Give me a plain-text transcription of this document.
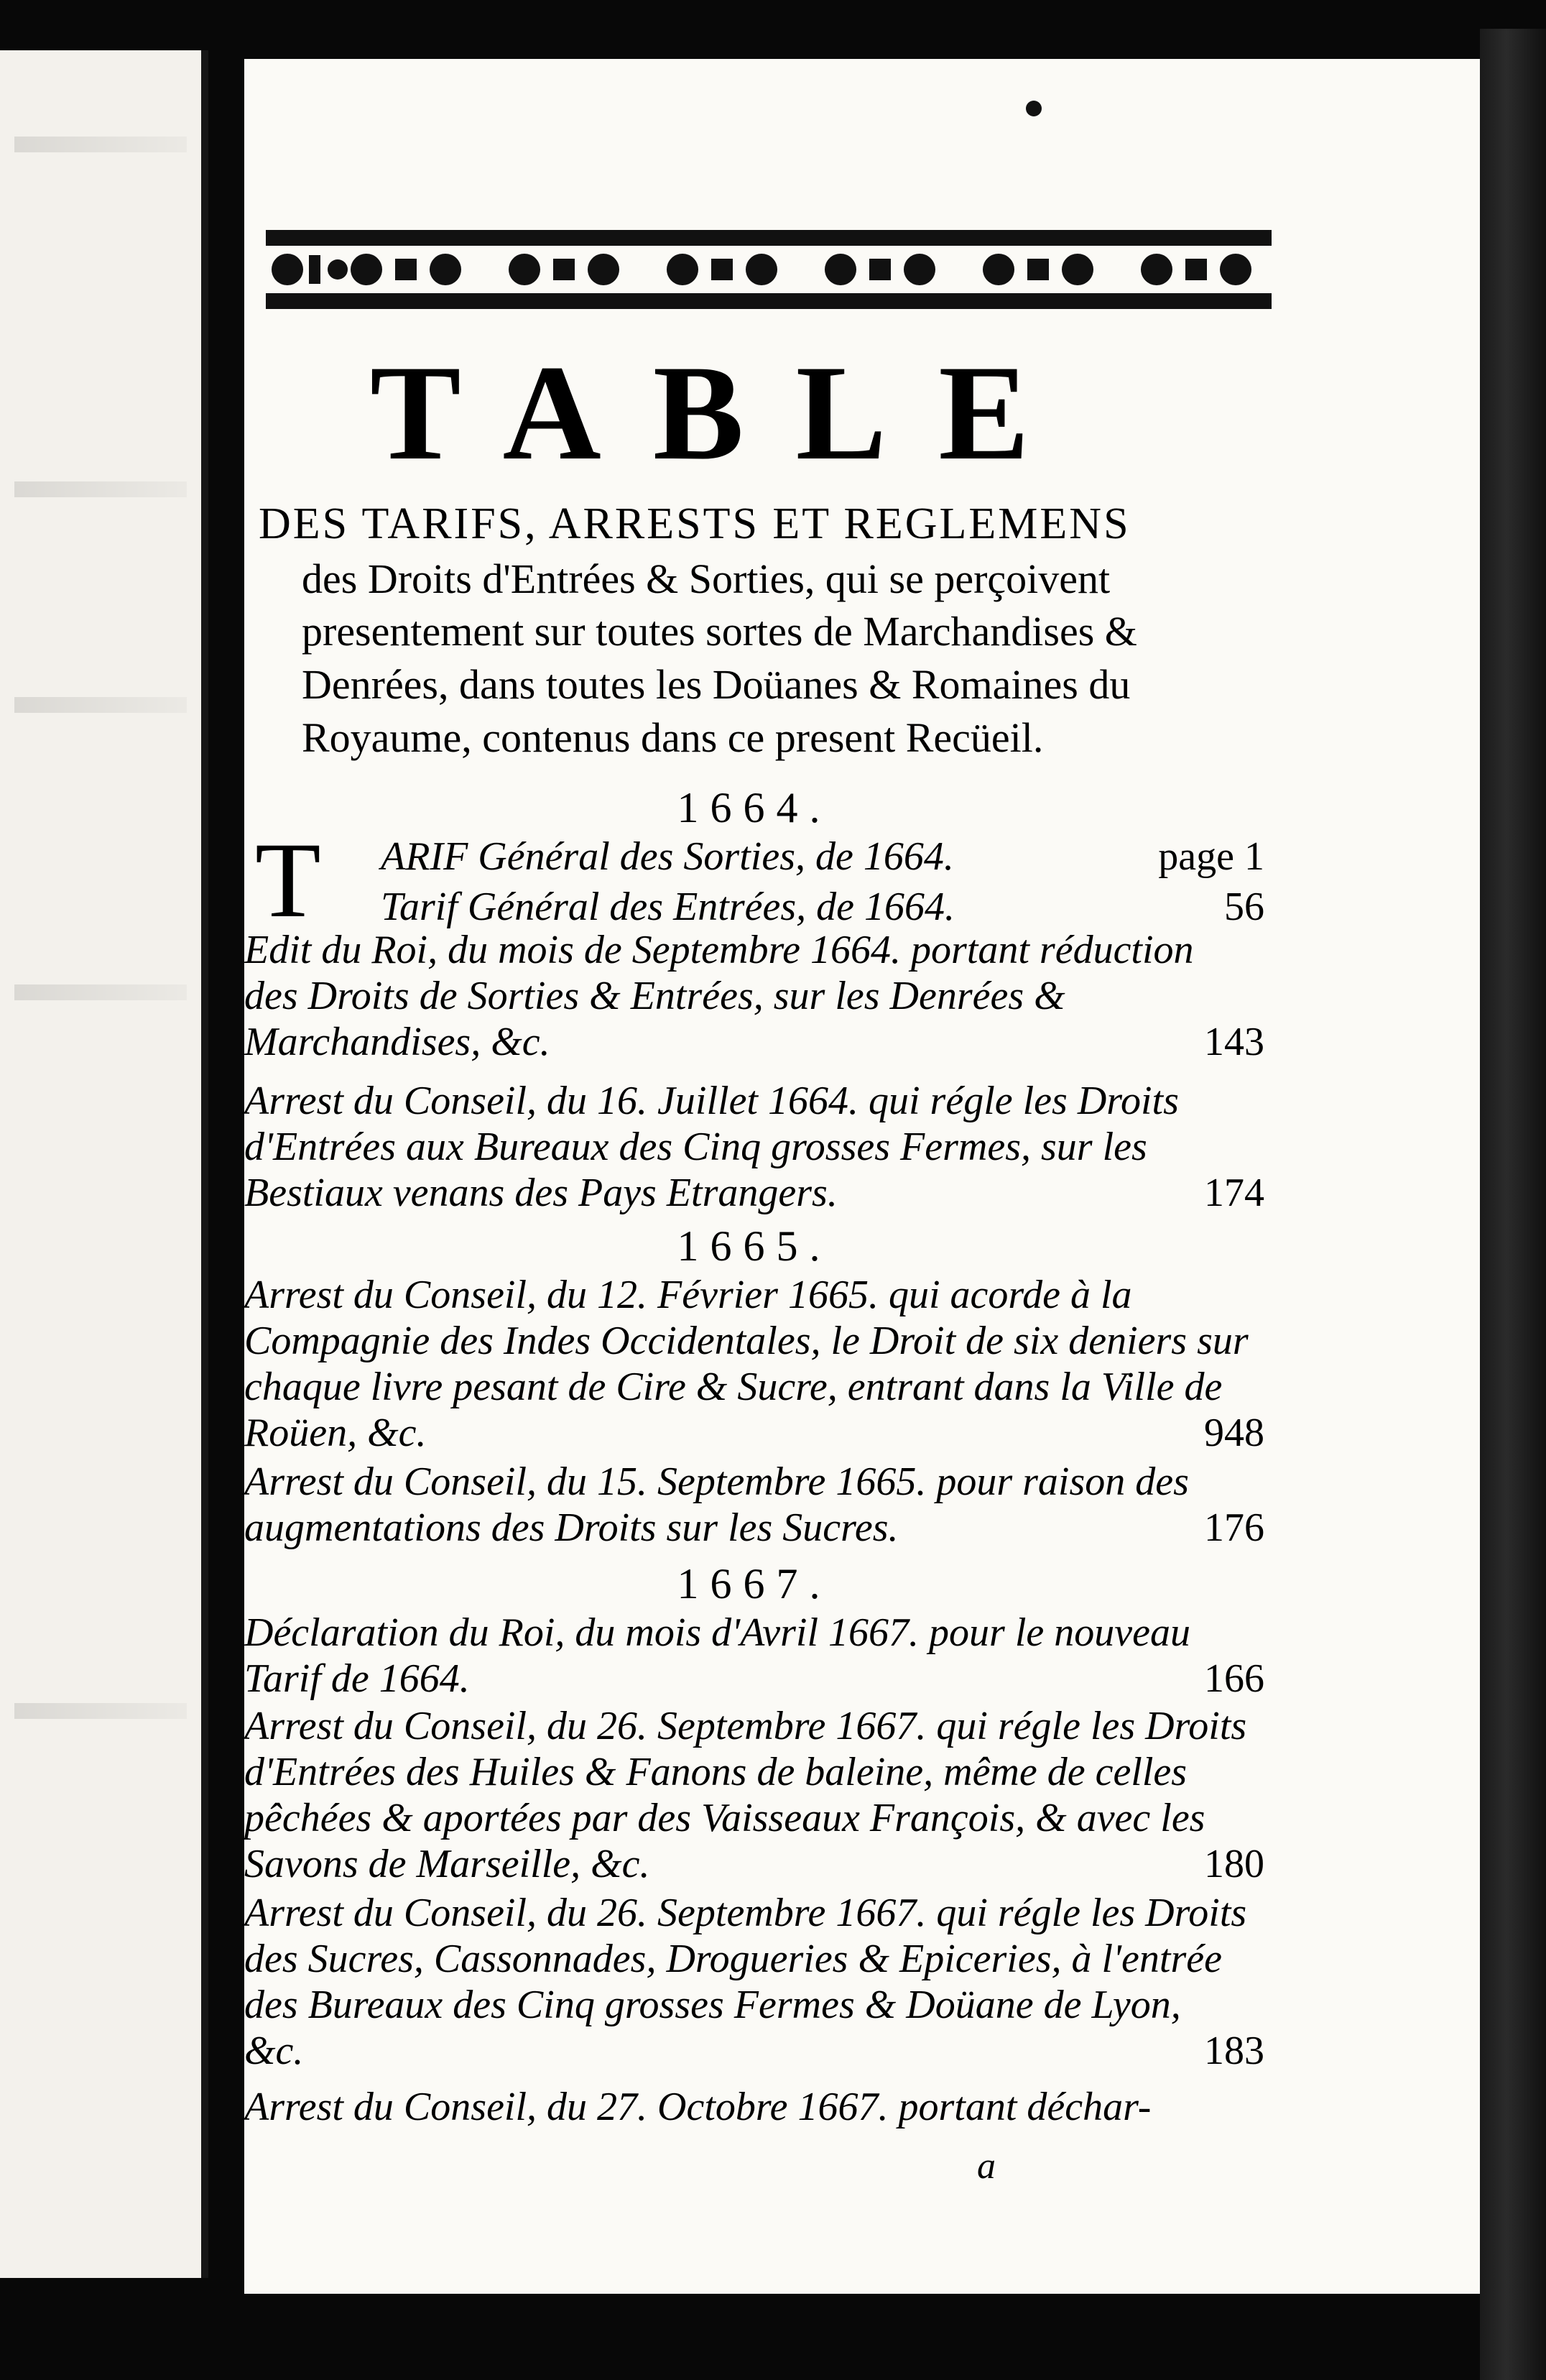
TABLE
DES TARIFS, ARRESTS ET REGLEMENS
des Droits d'Entrées & Sorties, qui se perçoivent presentement sur toutes sortes de Marchandises & Denrées, dans toutes les Doüanes & Romaines du Royaume, contenus dans ce present Recüeil.
1664.
T ARIF Général des Sorties, de 1664.	page 1
Tarif Général des Entrées, de 1664.	56
Edit du Roi, du mois de Septembre 1664. portant réduction des Droits de Sorties & Entrées, sur les Denrées & Marchandises, &c.	143
Arrest du Conseil, du 16. Juillet 1664. qui régle les Droits d'Entrées aux Bureaux des Cinq grosses Fermes, sur les Bestiaux venans des Pays Etrangers.	174
1665.
Arrest du Conseil, du 12. Février 1665. qui acorde à la Compagnie des Indes Occidentales, le Droit de six deniers sur chaque livre pesant de Cire & Sucre, entrant dans la Ville de Roüen, &c.	948
Arrest du Conseil, du 15. Septembre 1665. pour raison des augmentations des Droits sur les Sucres.	176
1667.
Déclaration du Roi, du mois d'Avril 1667. pour le nouveau Tarif de 1664.	166
Arrest du Conseil, du 26. Septembre 1667. qui régle les Droits d'Entrées des Huiles & Fanons de baleine, même de celles pêchées & aportées par des Vaisseaux François, & avec les Savons de Marseille, &c.	180
Arrest du Conseil, du 26. Septembre 1667. qui régle les Droits des Sucres, Cassonnades, Drogueries & Epiceries, à l'entrée des Bureaux des Cinq grosses Fermes & Doüane de Lyon, &c.	183
Arrest du Conseil, du 27. Octobre 1667. portant déchar-
a
